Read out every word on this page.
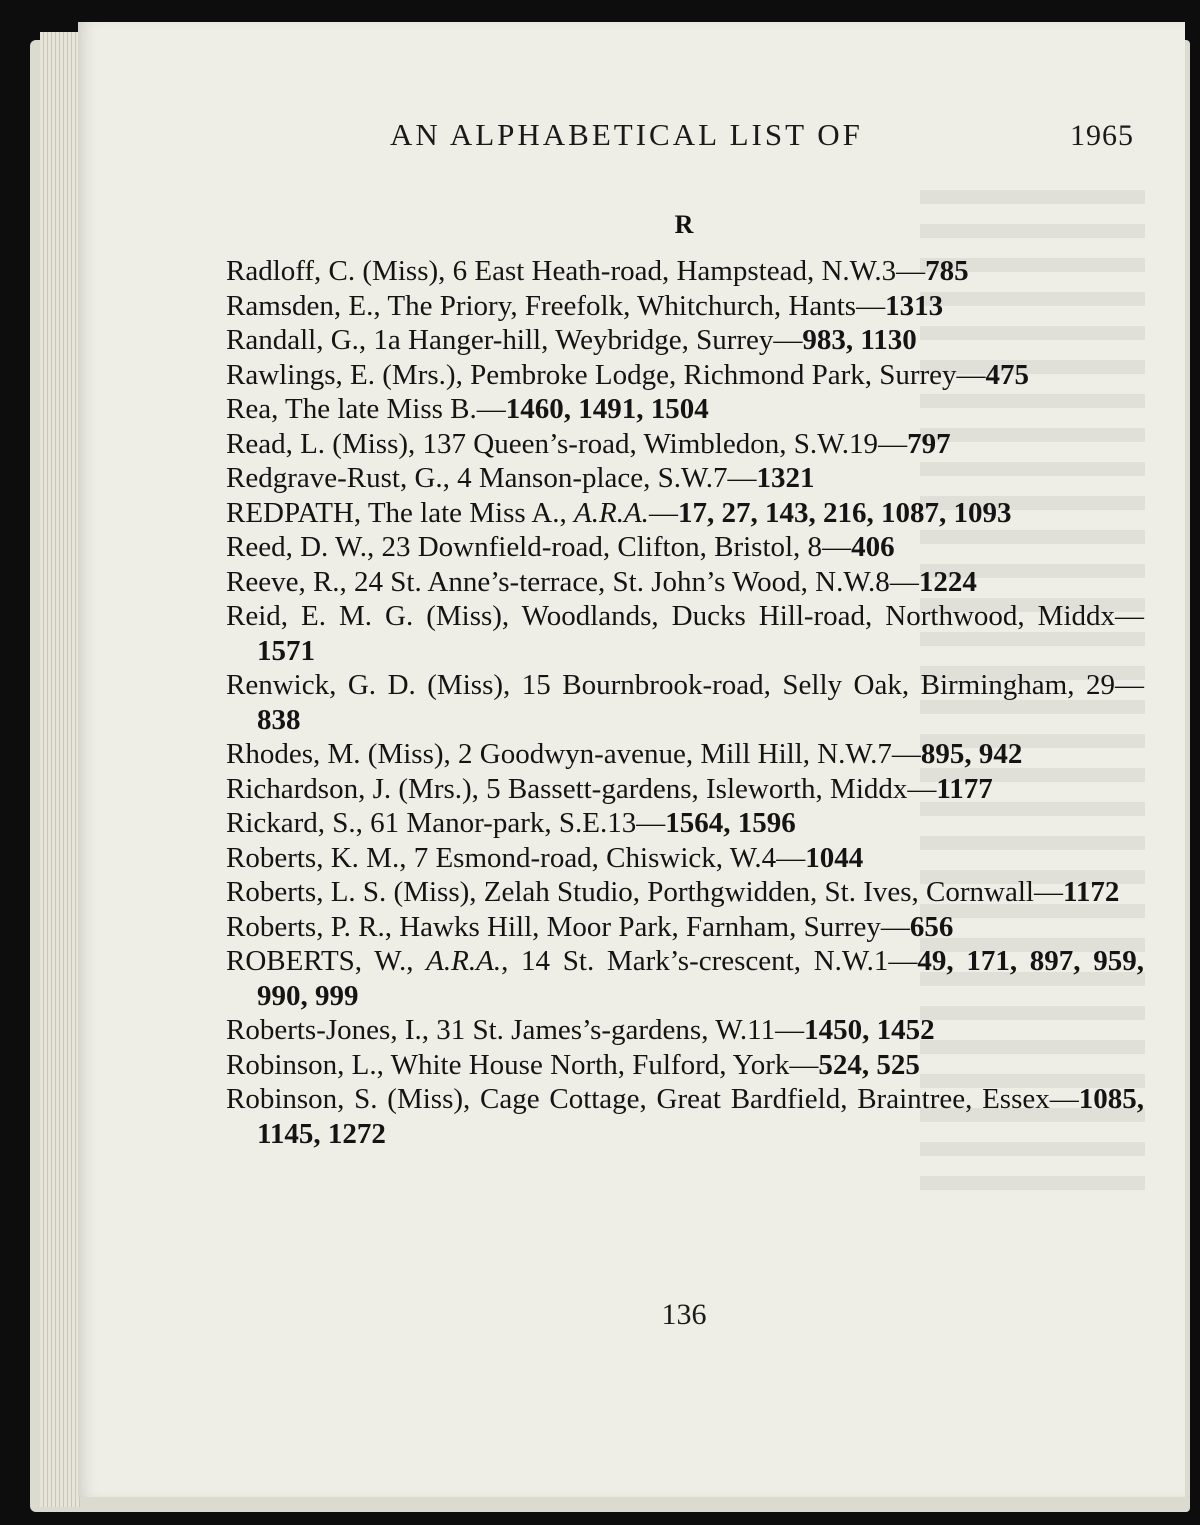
AN ALPHABETICAL LIST OF	1965
R
Radloff, C. (Miss), 6 East Heath-road, Hampstead, N.W.3—785
Ramsden, E., The Priory, Freefolk, Whitchurch, Hants—1313
Randall, G., 1a Hanger-hill, Weybridge, Surrey—983, 1130
Rawlings, E. (Mrs.), Pembroke Lodge, Richmond Park, Surrey—475
Rea, The late Miss B.—1460, 1491, 1504
Read, L. (Miss), 137 Queen’s-road, Wimbledon, S.W.19—797
Redgrave-Rust, G., 4 Manson-place, S.W.7—1321
REDPATH, The late Miss A., A.R.A.—17, 27, 143, 216, 1087, 1093
Reed, D. W., 23 Downfield-road, Clifton, Bristol, 8—406
Reeve, R., 24 St. Anne’s-terrace, St. John’s Wood, N.W.8—1224
Reid, E. M. G. (Miss), Woodlands, Ducks Hill-road, Northwood, Middx—1571
Renwick, G. D. (Miss), 15 Bournbrook-road, Selly Oak, Birmingham, 29—838
Rhodes, M. (Miss), 2 Goodwyn-avenue, Mill Hill, N.W.7—895, 942
Richardson, J. (Mrs.), 5 Bassett-gardens, Isleworth, Middx—1177
Rickard, S., 61 Manor-park, S.E.13—1564, 1596
Roberts, K. M., 7 Esmond-road, Chiswick, W.4—1044
Roberts, L. S. (Miss), Zelah Studio, Porthgwidden, St. Ives, Cornwall—1172
Roberts, P. R., Hawks Hill, Moor Park, Farnham, Surrey—656
ROBERTS, W., A.R.A., 14 St. Mark’s-crescent, N.W.1—49, 171, 897, 959, 990, 999
Roberts-Jones, I., 31 St. James’s-gardens, W.11—1450, 1452
Robinson, L., White House North, Fulford, York—524, 525
Robinson, S. (Miss), Cage Cottage, Great Bardfield, Braintree, Essex—1085, 1145, 1272
136
